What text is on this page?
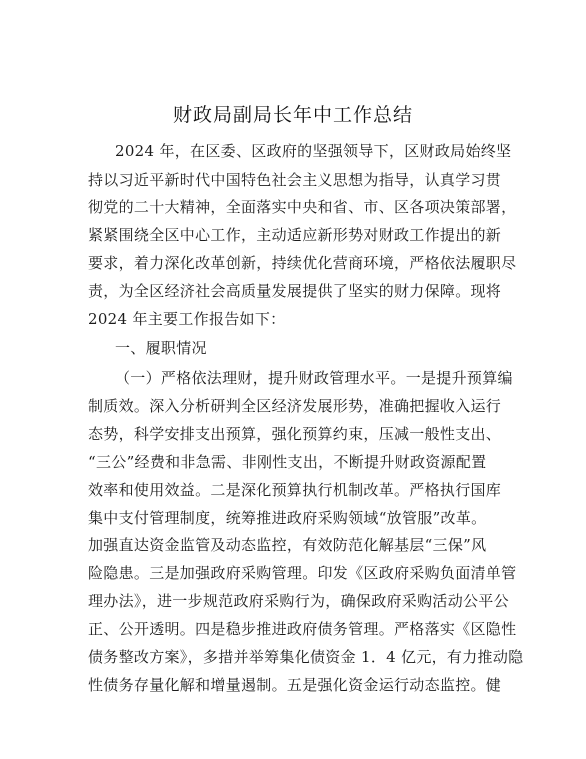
财政局副局长年中工作总结
2024 年，在区委、区政府的坚强领导下，区财政局始终坚
持以习近平新时代中国特色社会主义思想为指导，认真学习贯
彻党的二十大精神，全面落实中央和省、市、区各项决策部署，
紧紧围绕全区中心工作，主动适应新形势对财政工作提出的新
要求，着力深化改革创新，持续优化营商环境，严格依法履职尽
责，为全区经济社会高质量发展提供了坚实的财力保障。现将
2024 年主要工作报告如下：
一、履职情况
（一）严格依法理财，提升财政管理水平。一是提升预算编
制质效。深入分析研判全区经济发展形势，准确把握收入运行
态势，科学安排支出预算，强化预算约束，压减一般性支出、
“三公”经费和非急需、非刚性支出，不断提升财政资源配置
效率和使用效益。二是深化预算执行机制改革。严格执行国库
集中支付管理制度，统筹推进政府采购领域“放管服”改革。
加强直达资金监管及动态监控，有效防范化解基层“三保”风
险隐患。三是加强政府采购管理。印发《区政府采购负面清单管
理办法》，进一步规范政府采购行为，确保政府采购活动公平公
正、公开透明。四是稳步推进政府债务管理。严格落实《区隐性
债务整改方案》，多措并举筹集化债资金 1．4 亿元，有力推动隐
性债务存量化解和增量遏制。五是强化资金运行动态监控。健
